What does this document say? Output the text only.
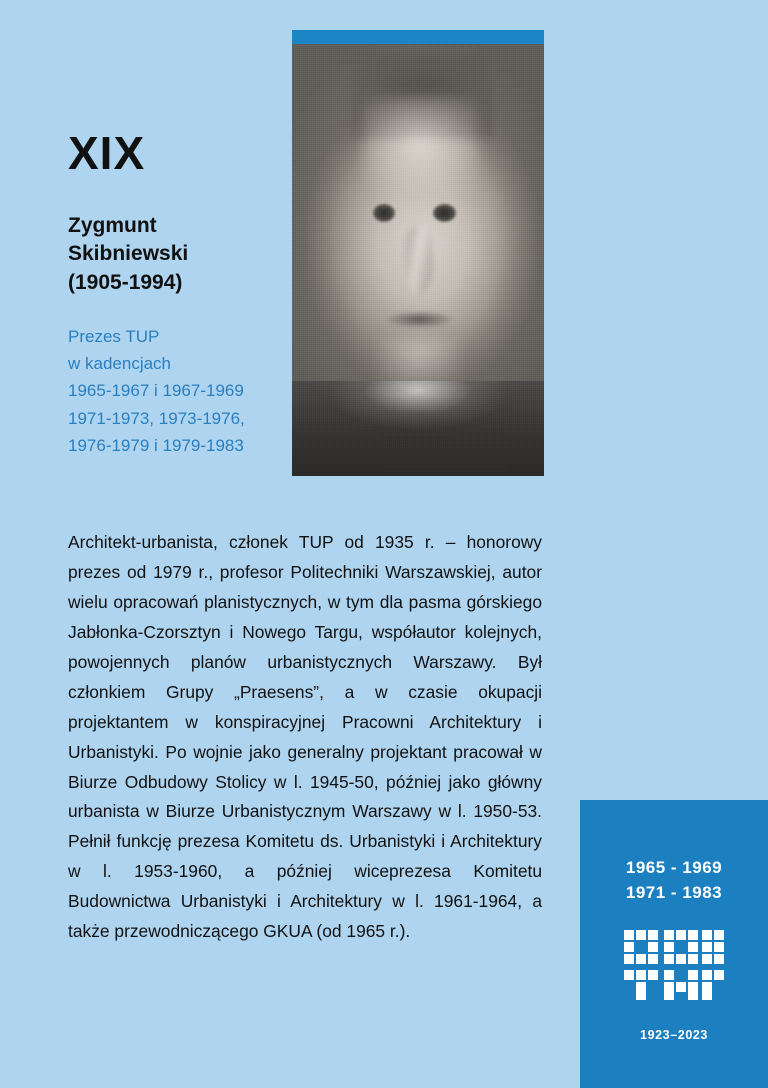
XIX
Zygmunt
Skibniewski
(1905-1994)
Prezes TUP
w kadencjach
1965-1967 i 1967-1969
1971-1973, 1973-1976,
1976-1979 i 1979-1983
Architekt-urbanista, członek TUP od 1935 r. – honorowy prezes od 1979 r., profesor Politechniki Warszawskiej, autor wielu opracowań planistycznych, w tym dla pasma górskiego Jabłonka-Czorsztyn i Nowego Targu, współautor kolejnych, powojennych planów urbanistycznych Warszawy. Był członkiem Grupy „Praesens”, a w czasie okupacji projektantem w konspiracyjnej Pracowni Architektury i Urbanistyki. Po wojnie jako generalny projektant pracował w Biurze Odbudowy Stolicy w l. 1945-50, później jako główny urbanista w Biurze Urbanistycznym Warszawy w l. 1950-53. Pełnił funkcję prezesa Komitetu ds. Urbanistyki i Architektury w l. 1953-1960, a później wiceprezesa Komitetu Budownictwa Urbanistyki i Architektury w l. 1961-1964, a także przewodniczącego GKUA (od 1965 r.).
1965 - 1969
1971 - 1983
1923–2023
